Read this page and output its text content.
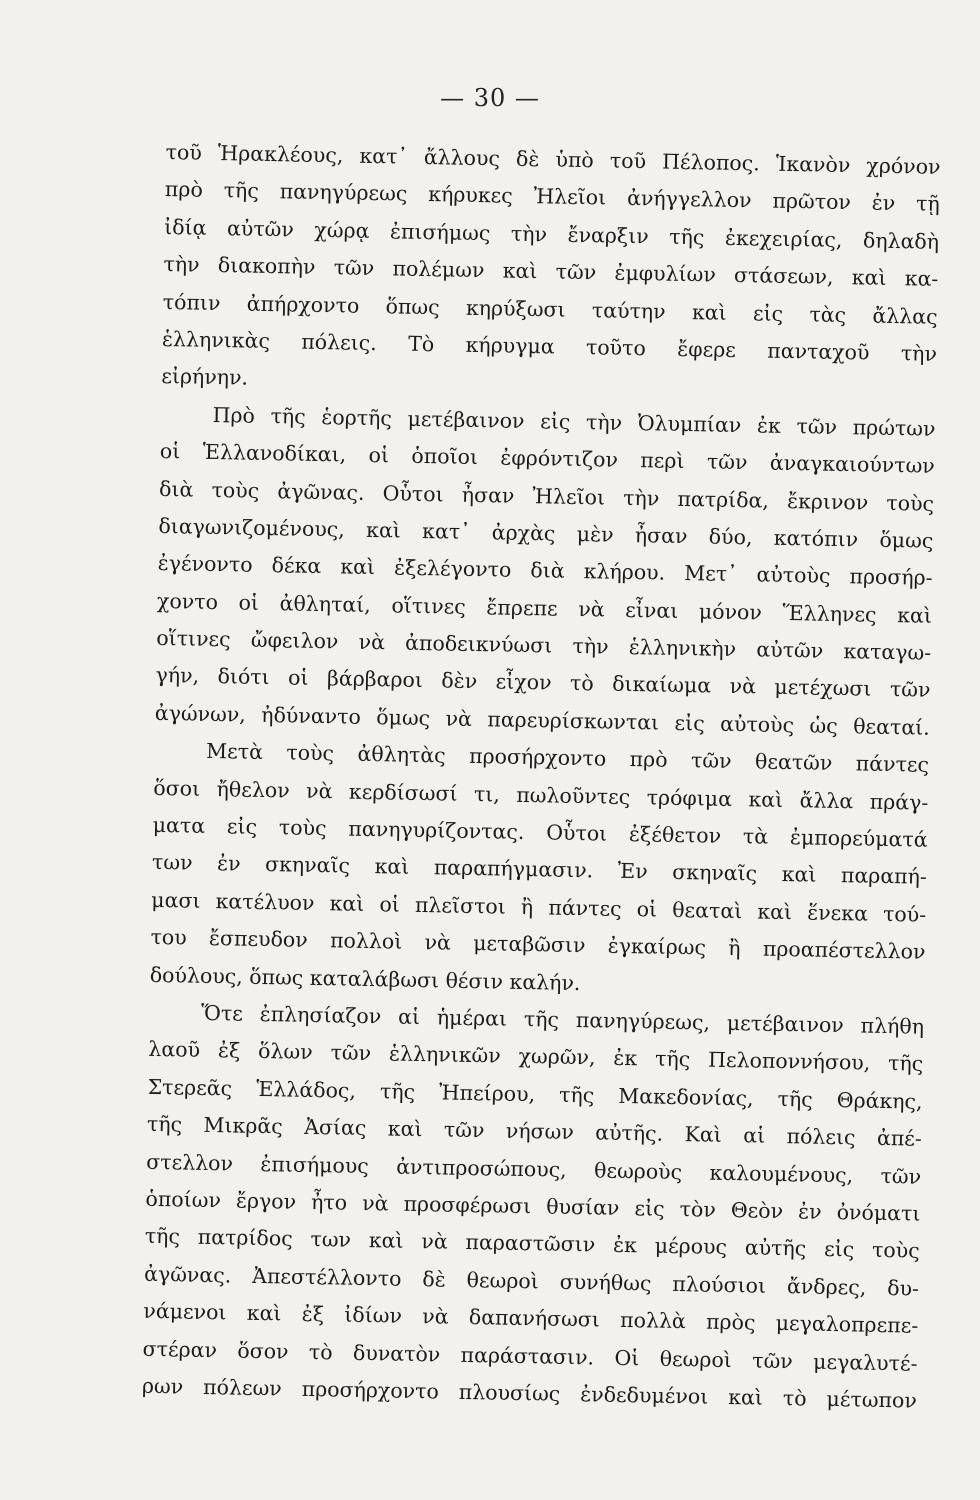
— 30 —
τοῦ Ἡρακλέους, κατ᾽ ἄλλους δὲ ὑπὸ τοῦ Πέλοπος. Ἱκανὸν χρόνον
πρὸ τῆς πανηγύρεως κήρυκες Ἠλεῖοι ἀνήγγελλον πρῶτον ἐν τῇ
ἰδίᾳ αὐτῶν χώρᾳ ἐπισήμως τὴν ἔναρξιν τῆς ἐκεχειρίας, δηλαδὴ
τὴν διακοπὴν τῶν πολέμων καὶ τῶν ἐμφυλίων στάσεων, καὶ κα-
τόπιν ἀπήρχοντο ὅπως κηρύξωσι ταύτην καὶ εἰς τὰς ἄλλας
ἑλληνικὰς πόλεις. Τὸ κήρυγμα τοῦτο ἔφερε πανταχοῦ τὴν
εἰρήνην.
Πρὸ τῆς ἑορτῆς μετέβαινον εἰς τὴν Ὀλυμπίαν ἐκ τῶν πρώτων
οἱ Ἑλλανοδίκαι, οἱ ὁποῖοι ἐφρόντιζον περὶ τῶν ἀναγκαιούντων
διὰ τοὺς ἀγῶνας. Οὗτοι ἦσαν Ἠλεῖοι τὴν πατρίδα, ἔκρινον τοὺς
διαγωνιζομένους, καὶ κατ᾽ ἀρχὰς μὲν ἦσαν δύο, κατόπιν ὅμως
ἐγένοντο δέκα καὶ ἐξελέγοντο διὰ κλήρου. Μετ᾽ αὐτοὺς προσήρ-
χοντο οἱ ἀθληταί, οἵτινες ἔπρεπε νὰ εἶναι μόνον Ἕλληνες καὶ
οἵτινες ὤφειλον νὰ ἀποδεικνύωσι τὴν ἑλληνικὴν αὐτῶν καταγω-
γήν, διότι οἱ βάρβαροι δὲν εἶχον τὸ δικαίωμα νὰ μετέχωσι τῶν
ἀγώνων, ἠδύναντο ὅμως νὰ παρευρίσκωνται εἰς αὐτοὺς ὡς θεαταί.
Μετὰ τοὺς ἀθλητὰς προσήρχοντο πρὸ τῶν θεατῶν πάντες
ὅσοι ἤθελον νὰ κερδίσωσί τι, πωλοῦντες τρόφιμα καὶ ἄλλα πράγ-
ματα εἰς τοὺς πανηγυρίζοντας. Οὗτοι ἐξέθετον τὰ ἐμπορεύματά
των ἐν σκηναῖς καὶ παραπήγμασιν. Ἐν σκηναῖς καὶ παραπή-
μασι κατέλυον καὶ οἱ πλεῖστοι ἢ πάντες οἱ θεαταὶ καὶ ἕνεκα τού-
του ἔσπευδον πολλοὶ νὰ μεταβῶσιν ἐγκαίρως ἢ προαπέστελλον
δούλους, ὅπως καταλάβωσι θέσιν καλήν.
Ὅτε ἐπλησίαζον αἱ ἡμέραι τῆς πανηγύρεως, μετέβαινον πλήθη
λαοῦ ἐξ ὅλων τῶν ἑλληνικῶν χωρῶν, ἐκ τῆς Πελοποννήσου, τῆς
Στερεᾶς Ἑλλάδος, τῆς Ἠπείρου, τῆς Μακεδονίας, τῆς Θράκης,
τῆς Μικρᾶς Ἀσίας καὶ τῶν νήσων αὐτῆς. Καὶ αἱ πόλεις ἀπέ-
στελλον ἐπισήμους ἀντιπροσώπους, θεωροὺς καλουμένους, τῶν
ὁποίων ἔργον ἦτο νὰ προσφέρωσι θυσίαν εἰς τὸν Θεὸν ἐν ὀνόματι
τῆς πατρίδος των καὶ νὰ παραστῶσιν ἐκ μέρους αὐτῆς εἰς τοὺς
ἀγῶνας. Ἀπεστέλλοντο δὲ θεωροὶ συνήθως πλούσιοι ἄνδρες, δυ-
νάμενοι καὶ ἐξ ἰδίων νὰ δαπανήσωσι πολλὰ πρὸς μεγαλοπρεπε-
στέραν ὅσον τὸ δυνατὸν παράστασιν. Οἱ θεωροὶ τῶν μεγαλυτέ-
ρων πόλεων προσήρχοντο πλουσίως ἐνδεδυμένοι καὶ τὸ μέτωπον
